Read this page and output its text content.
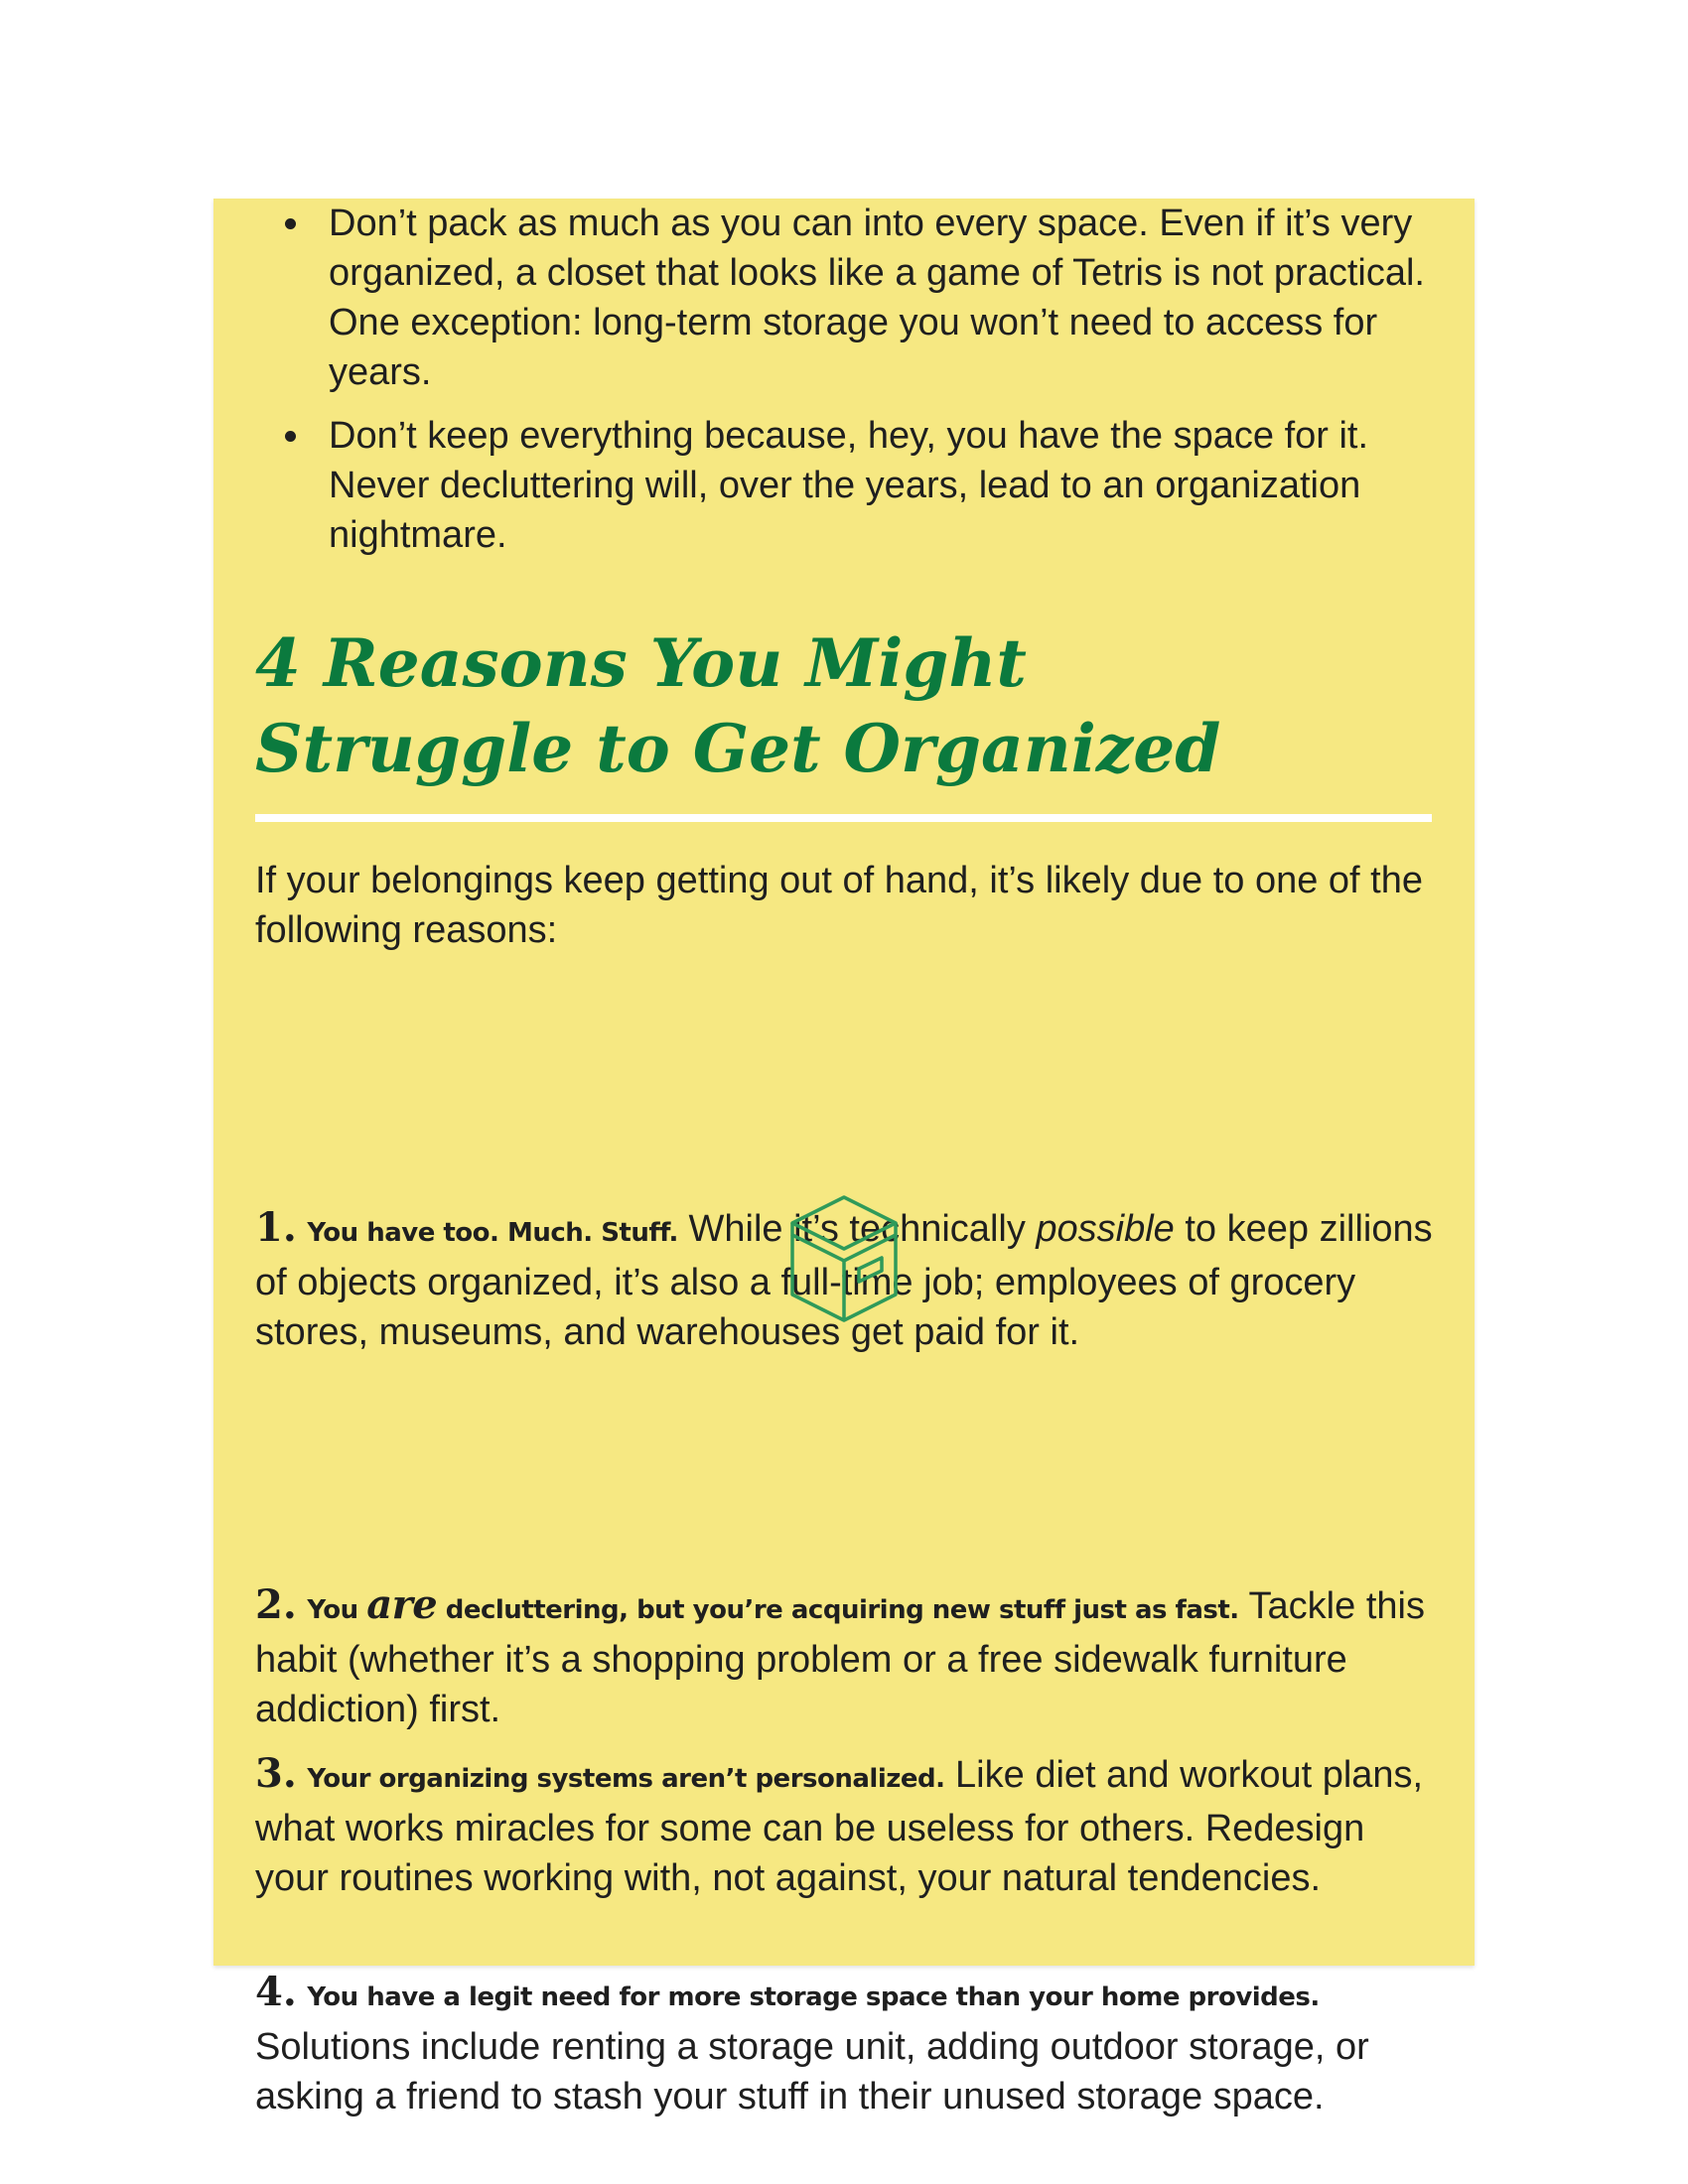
Don’t pack as much as you can into every space. Even if it’s very organized, a closet that looks like a game of Tetris is not practical. One exception: long-term storage you won’t need to access for years.
Don’t keep everything because, hey, you have the space for it. Never decluttering will, over the years, lead to an organization nightmare.
4 Reasons You Might
Struggle to Get Organized

If your belongings keep getting out of hand, it’s likely due to one of the following reasons:

1. You have too. Much. Stuff. While it’s technically possible to keep zillions of objects organized, it’s also a full-time job; employees of grocery stores, museums, and warehouses get paid for it.

2. You are decluttering, but you’re acquiring new stuff just as fast. Tackle this habit (whether it’s a shopping problem or a free sidewalk furniture addiction) first.

3. Your organizing systems aren’t personalized. Like diet and workout plans, what works miracles for some can be useless for others. Redesign your routines working with, not against, your natural tendencies.

4. You have a legit need for more storage space than your home provides. Solutions include renting a storage unit, adding outdoor storage, or asking a friend to stash your stuff in their unused storage space.
